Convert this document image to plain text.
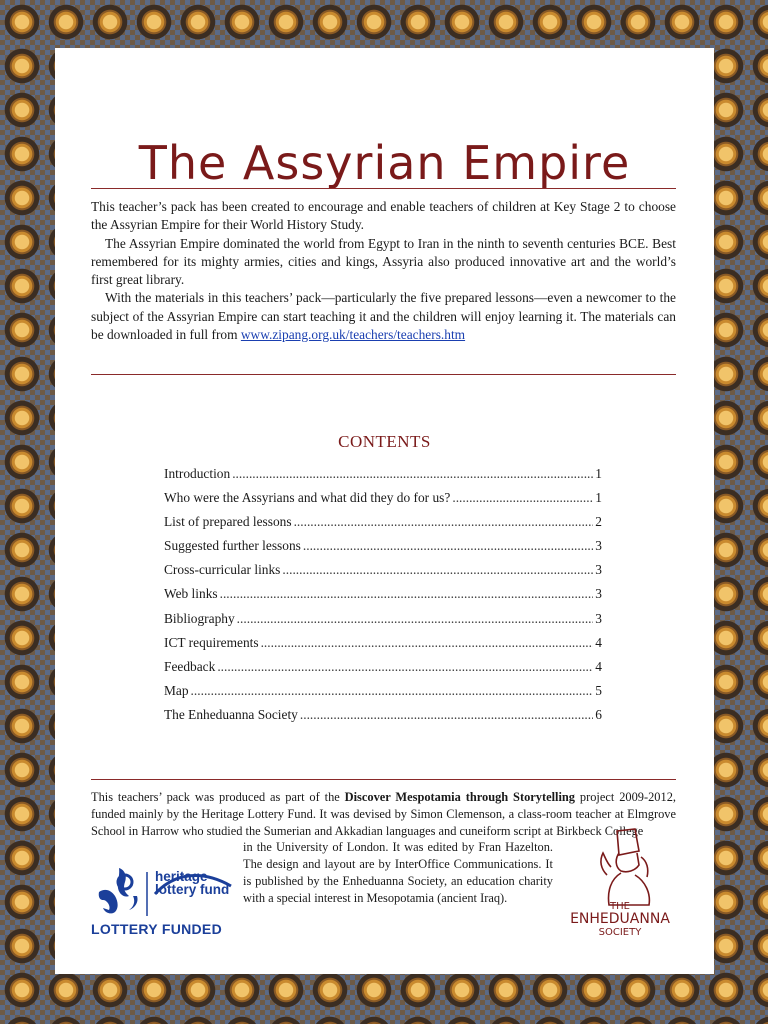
The Assyrian Empire

This teacher’s pack has been created to encourage and enable teachers of children at Key Stage 2 to choose the Assyrian Empire for their World History Study.

The Assyrian Empire dominated the world from Egypt to Iran in the ninth to seventh centuries BCE. Best remembered for its mighty armies, cities and kings, Assyria also produced innovative art and the world’s first great library.

With the materials in this teachers’ pack—particularly the five prepared lessons—even a newcomer to the subject of the Assyrian Empire can start teaching it and the children will enjoy learning it. The materials can be downloaded in full from www.zipang.org.uk/teachers/teachers.htm

CONTENTS
Introduction .....	1
Who were the Assyrians and what did they do for us? .....	1
List of prepared lessons .....	2
Suggested further lessons .....	3
Cross-curricular links .....	3
Web links .....	3
Bibliography .....	3
ICT requirements .....	4
Feedback .....	4
Map .....	5
The Enheduanna Society .....	6

This teachers’ pack was produced as part of the Discover Mespotamia through Storytelling project 2009-2012, funded mainly by the Heritage Lottery Fund. It was devised by Simon Clemenson, a class-room teacher at Elmgrove School in Harrow who studied the Sumerian and Akkadian languages and cuneiform script at Birkbeck College

in the University of London. It was edited by Fran Hazelton. The design and layout are by InterOffice Communications. It is published by the Enheduanna Society, an education charity with a special interest in Mesopotamia (ancient Iraq).

heritage
lottery fund
LOTTERY FUNDED
THE
ENHEDUANNA
SOCIETY
